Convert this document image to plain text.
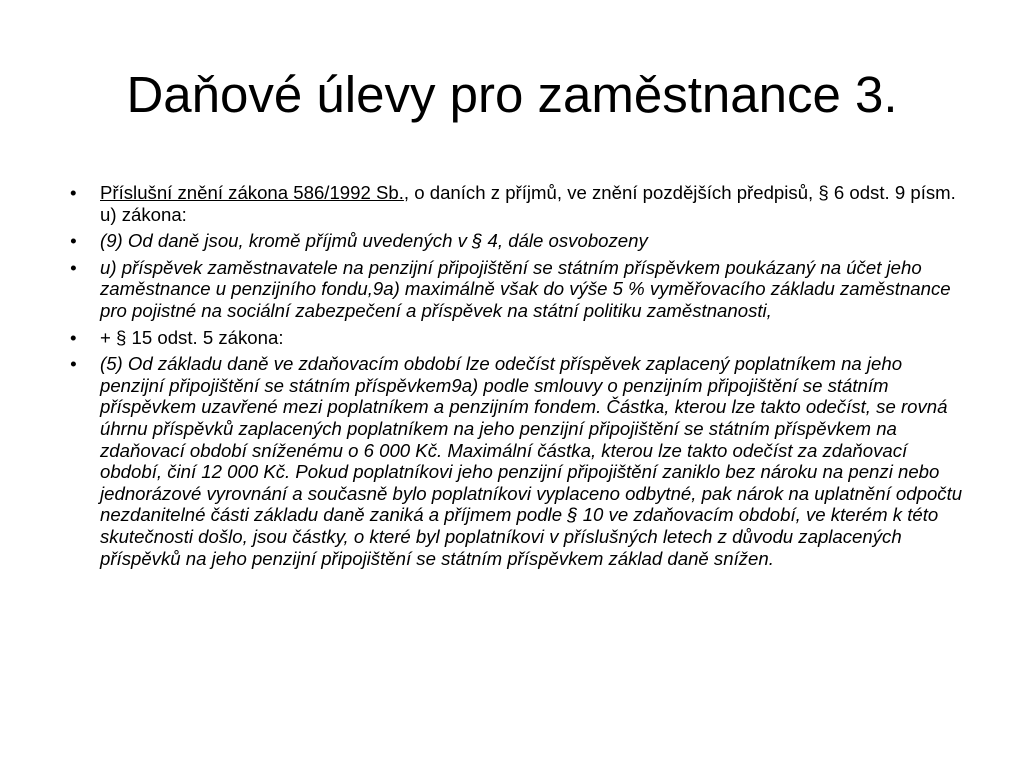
Daňové úlevy pro zaměstnance 3.
•	Příslušní znění zákona 586/1992 Sb., o daních z příjmů, ve znění pozdějších předpisů, § 6 odst. 9 písm. u) zákona:
•	(9) Od daně jsou, kromě příjmů uvedených v § 4, dále osvobozeny
•	u) příspěvek zaměstnavatele na penzijní připojištění se státním příspěvkem poukázaný na účet jeho zaměstnance u penzijního fondu,9a) maximálně však do výše 5 % vyměřovacího základu zaměstnance pro pojistné na sociální zabezpečení a příspěvek na státní politiku zaměstnanosti,
•	+ § 15 odst. 5 zákona:
•	(5) Od základu daně ve zdaňovacím období lze odečíst příspěvek zaplacený poplatníkem na jeho penzijní připojištění se státním příspěvkem9a) podle smlouvy o penzijním připojištění se státním příspěvkem uzavřené mezi poplatníkem a penzijním fondem. Částka, kterou lze takto odečíst, se rovná úhrnu příspěvků zaplacených poplatníkem na jeho penzijní připojištění se státním příspěvkem na zdaňovací období sníženému o 6 000 Kč. Maximální částka, kterou lze takto odečíst za zdaňovací období, činí 12 000 Kč. Pokud poplatníkovi jeho penzijní připojištění zaniklo bez nároku na penzi nebo jednorázové vyrovnání a současně bylo poplatníkovi vyplaceno odbytné, pak nárok na uplatnění odpočtu nezdanitelné části základu daně zaniká a příjmem podle § 10 ve zdaňovacím období, ve kterém k této skutečnosti došlo, jsou částky, o které byl poplatníkovi v příslušných letech z důvodu zaplacených příspěvků na jeho penzijní připojištění se státním příspěvkem základ daně snížen.
